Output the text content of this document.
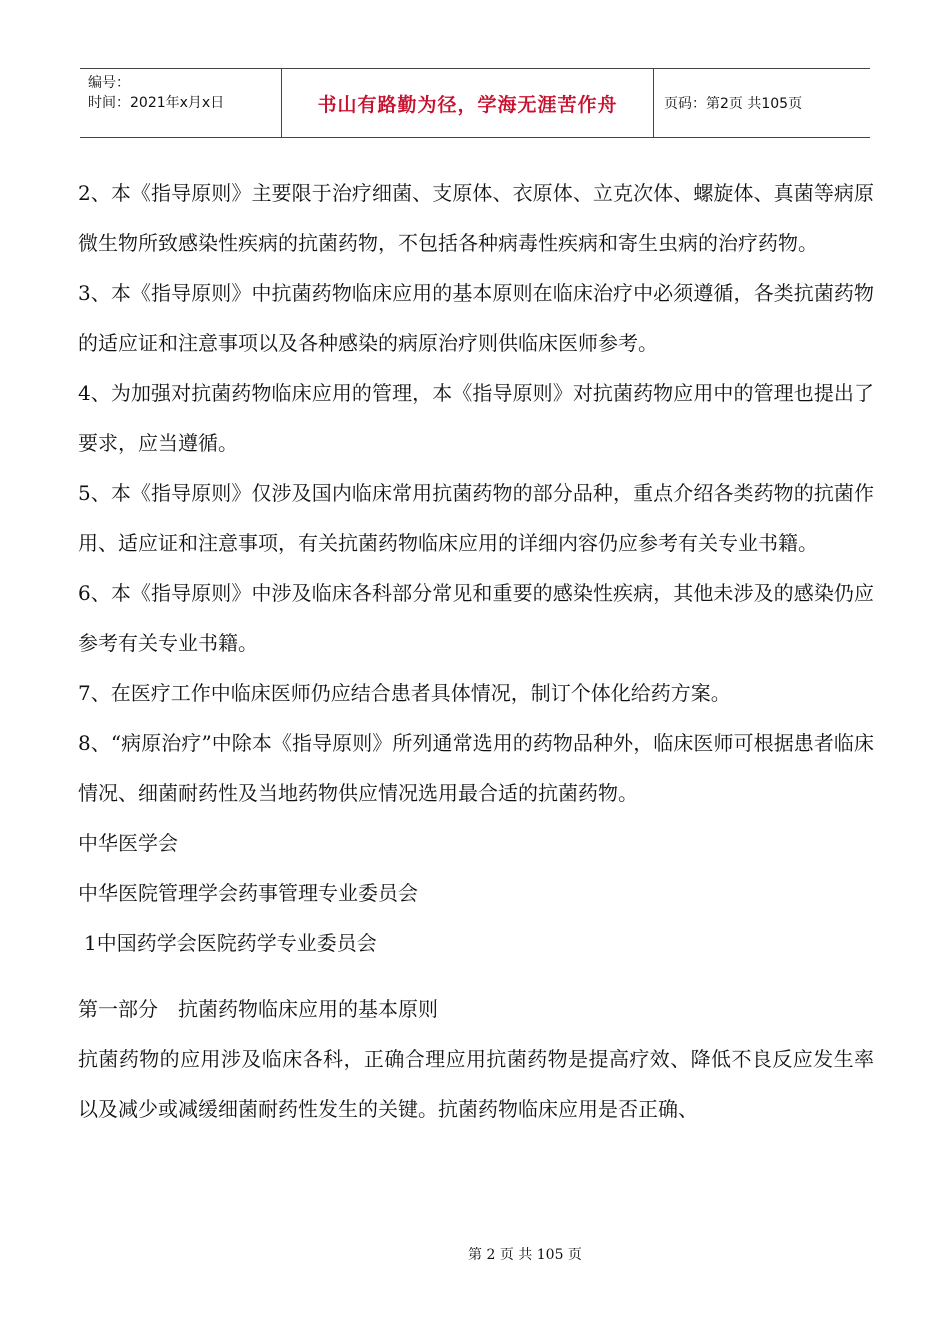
编号：
时间：2021年x月x日	书山有路勤为径，学海无涯苦作舟	页码：第2页 共105页

2、本《指导原则》主要限于治疗细菌、支原体、衣原体、立克次体、螺旋体、真菌等病原微生物所致感染性疾病的抗菌药物，不包括各种病毒性疾病和寄生虫病的治疗药物。

3、本《指导原则》中抗菌药物临床应用的基本原则在临床治疗中必须遵循，各类抗菌药物的适应证和注意事项以及各种感染的病原治疗则供临床医师参考。

4、为加强对抗菌药物临床应用的管理，本《指导原则》对抗菌药物应用中的管理也提出了要求，应当遵循。

5、本《指导原则》仅涉及国内临床常用抗菌药物的部分品种，重点介绍各类药物的抗菌作用、适应证和注意事项，有关抗菌药物临床应用的详细内容仍应参考有关专业书籍。

6、本《指导原则》中涉及临床各科部分常见和重要的感染性疾病，其他未涉及的感染仍应参考有关专业书籍。

7、在医疗工作中临床医师仍应结合患者具体情况，制订个体化给药方案。

8、“病原治疗”中除本《指导原则》所列通常选用的药物品种外，临床医师可根据患者临床情况、细菌耐药性及当地药物供应情况选用最合适的抗菌药物。

中华医学会

中华医院管理学会药事管理专业委员会

1中国药学会医院药学专业委员会

第一部分　抗菌药物临床应用的基本原则

抗菌药物的应用涉及临床各科，正确合理应用抗菌药物是提高疗效、降低不良反应发生率以及减少或减缓细菌耐药性发生的关键。抗菌药物临床应用是否正确、

第 2 页 共 105 页
